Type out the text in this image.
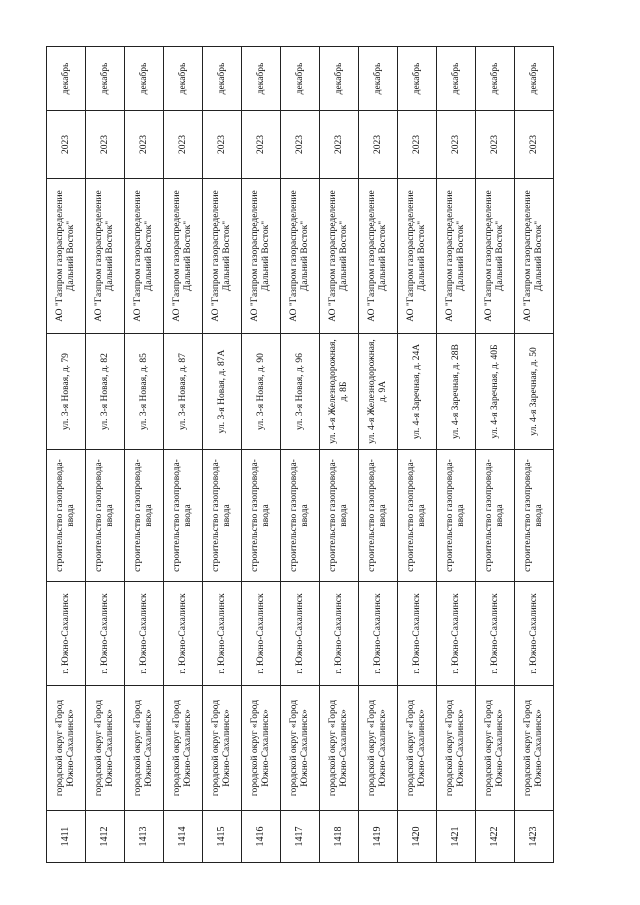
1411	городской округ «Город Южно-Сахалинск»	г. Южно-Сахалинск	строительство газопровода-ввода	ул. 3-я Новая, д. 79	АО "Газпром газораспределение Дальний Восток"	2023	декабрь
1412	городской округ «Город Южно-Сахалинск»	г. Южно-Сахалинск	строительство газопровода-ввода	ул. 3-я Новая, д. 82	АО "Газпром газораспределение Дальний Восток"	2023	декабрь
1413	городской округ «Город Южно-Сахалинск»	г. Южно-Сахалинск	строительство газопровода-ввода	ул. 3-я Новая, д. 85	АО "Газпром газораспределение Дальний Восток"	2023	декабрь
1414	городской округ «Город Южно-Сахалинск»	г. Южно-Сахалинск	строительство газопровода-ввода	ул. 3-я Новая, д. 87	АО "Газпром газораспределение Дальний Восток"	2023	декабрь
1415	городской округ «Город Южно-Сахалинск»	г. Южно-Сахалинск	строительство газопровода-ввода	ул. 3-я Новая, д. 87А	АО "Газпром газораспределение Дальний Восток"	2023	декабрь
1416	городской округ «Город Южно-Сахалинск»	г. Южно-Сахалинск	строительство газопровода-ввода	ул. 3-я Новая, д. 90	АО "Газпром газораспределение Дальний Восток"	2023	декабрь
1417	городской округ «Город Южно-Сахалинск»	г. Южно-Сахалинск	строительство газопровода-ввода	ул. 3-я Новая, д. 96	АО "Газпром газораспределение Дальний Восток"	2023	декабрь
1418	городской округ «Город Южно-Сахалинск»	г. Южно-Сахалинск	строительство газопровода-ввода	ул. 4-я Железнодорожная, д. 8Б	АО "Газпром газораспределение Дальний Восток"	2023	декабрь
1419	городской округ «Город Южно-Сахалинск»	г. Южно-Сахалинск	строительство газопровода-ввода	ул. 4-я Железнодорожная, д. 9А	АО "Газпром газораспределение Дальний Восток"	2023	декабрь
1420	городской округ «Город Южно-Сахалинск»	г. Южно-Сахалинск	строительство газопровода-ввода	ул. 4-я Заречная, д. 24А	АО "Газпром газораспределение Дальний Восток"	2023	декабрь
1421	городской округ «Город Южно-Сахалинск»	г. Южно-Сахалинск	строительство газопровода-ввода	ул. 4-я Заречная, д. 28В	АО "Газпром газораспределение Дальний Восток"	2023	декабрь
1422	городской округ «Город Южно-Сахалинск»	г. Южно-Сахалинск	строительство газопровода-ввода	ул. 4-я Заречная, д. 40Б	АО "Газпром газораспределение Дальний Восток"	2023	декабрь
1423	городской округ «Город Южно-Сахалинск»	г. Южно-Сахалинск	строительство газопровода-ввода	ул. 4-я Заречная, д. 50	АО "Газпром газораспределение Дальний Восток"	2023	декабрь
